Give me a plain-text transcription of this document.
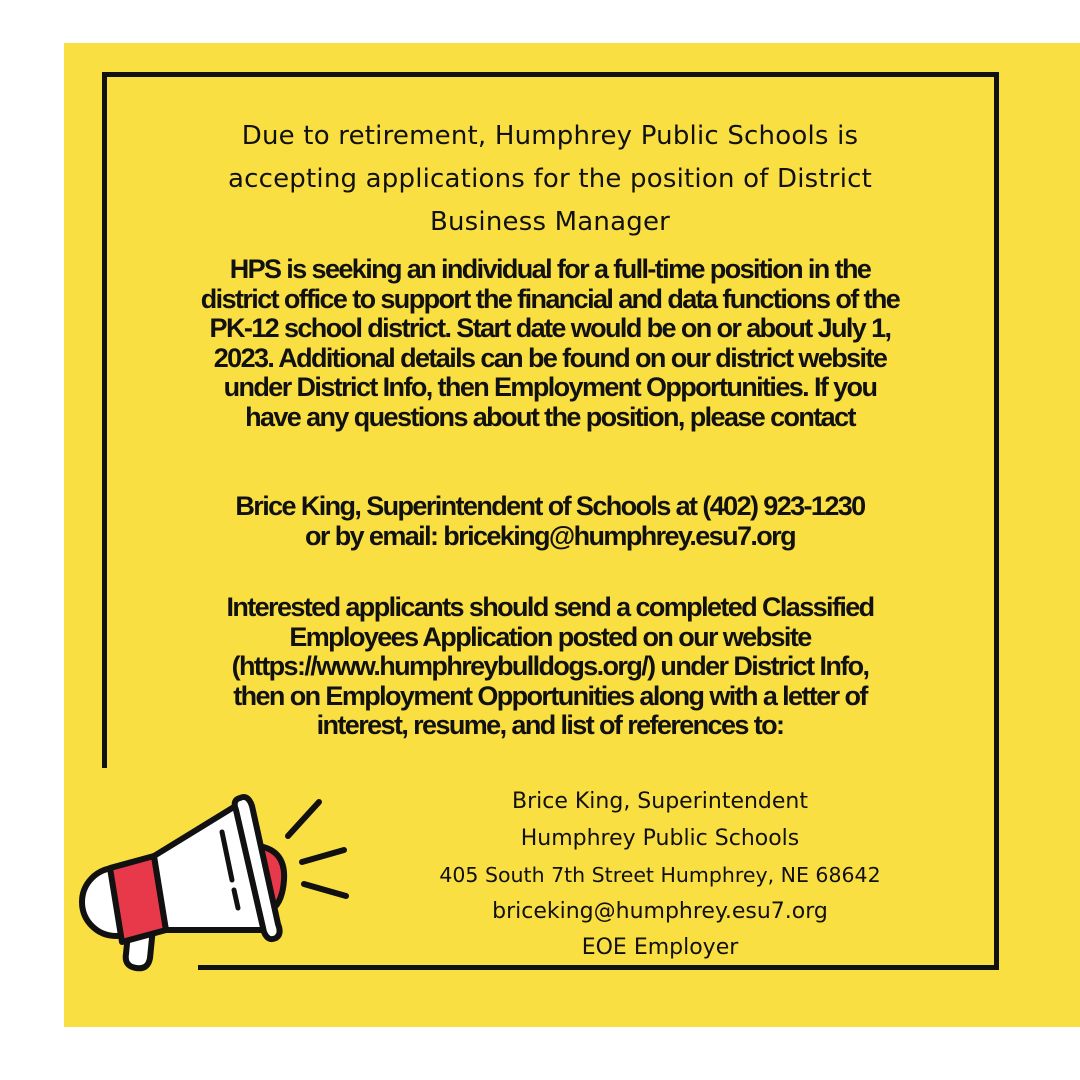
Due to retirement, Humphrey Public Schools is
accepting applications for the position of District
Business Manager
HPS is seeking an individual for a full-time position in the
district office to support the financial and data functions of the
PK-12 school district. Start date would be on or about July 1,
2023. Additional details can be found on our district website
under District Info, then Employment Opportunities. If you
have any questions about the position, please contact
Brice King, Superintendent of Schools at (402) 923-1230
or by email: briceking@humphrey.esu7.org
Interested applicants should send a completed Classified
Employees Application posted on our website
(https://www.humphreybulldogs.org/) under District Info,
then on Employment Opportunities along with a letter of
interest, resume, and list of references to:
Brice King, Superintendent
Humphrey Public Schools
405 South 7th Street Humphrey, NE 68642
briceking@humphrey.esu7.org
EOE Employer
